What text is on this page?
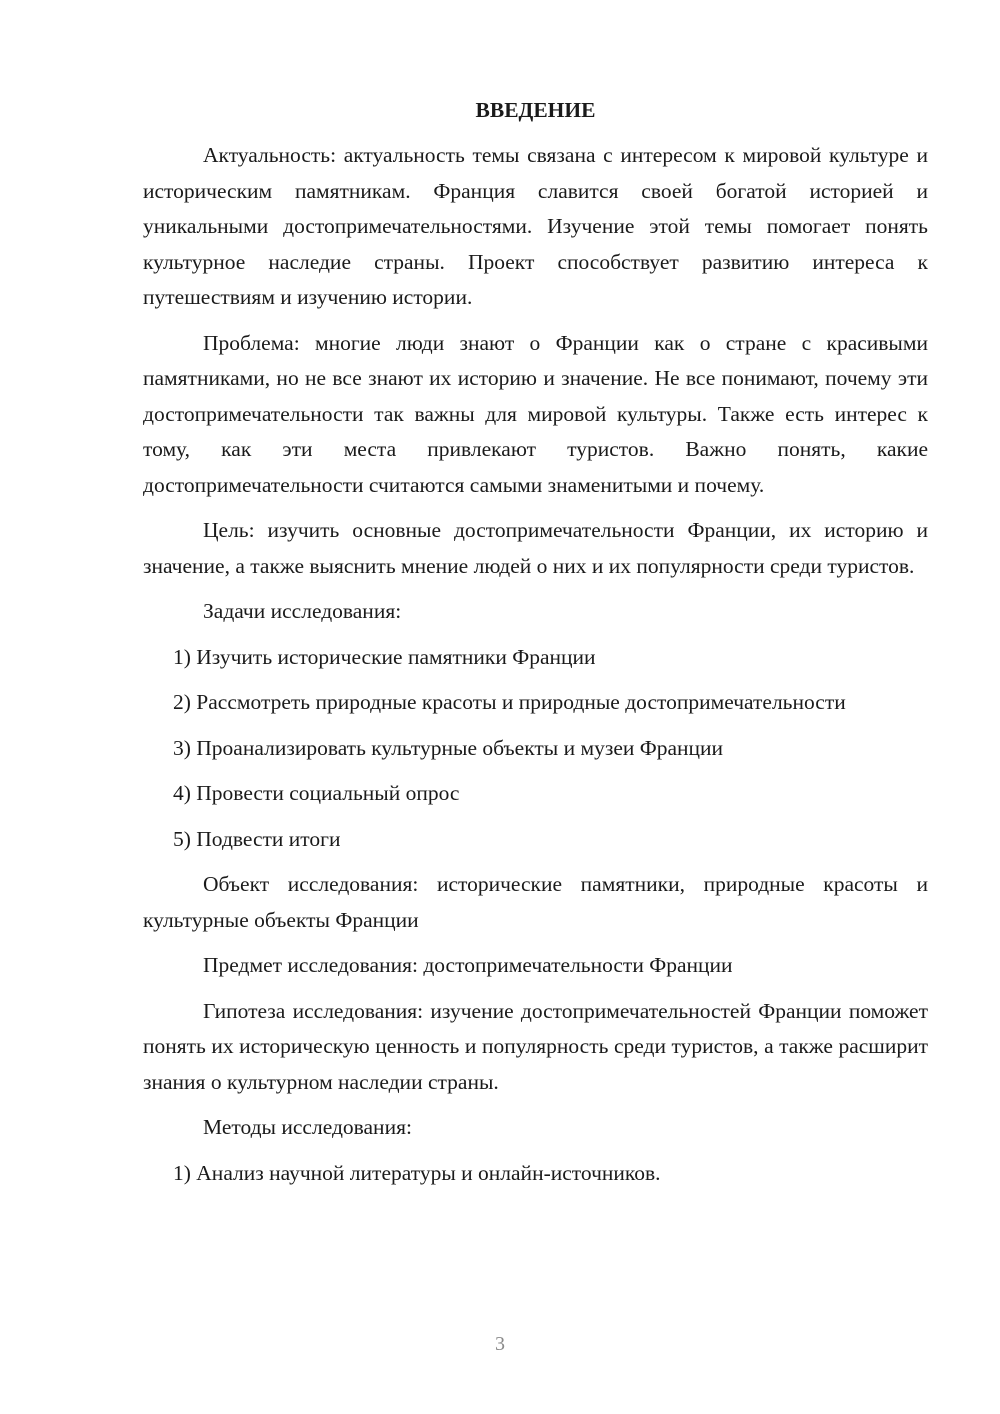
ВВЕДЕНИЕ

Актуальность: актуальность темы связана с интересом к мировой культуре и историческим памятникам. Франция славится своей богатой историей и уникальными достопримечательностями. Изучение этой темы помогает понять культурное наследие страны. Проект способствует развитию интереса к путешествиям и изучению истории.

Проблема: многие люди знают о Франции как о стране с красивыми памятниками, но не все знают их историю и значение. Не все понимают, почему эти достопримечательности так важны для мировой культуры. Также есть интерес к тому, как эти места привлекают туристов. Важно понять, какие достопримечательности считаются самыми знаменитыми и почему.

Цель: изучить основные достопримечательности Франции, их историю и значение, а также выяснить мнение людей о них и их популярности среди туристов.

Задачи исследования:

1) Изучить исторические памятники Франции

2) Рассмотреть природные красоты и природные достопримечательности

3) Проанализировать культурные объекты и музеи Франции

4) Провести социальный опрос

5) Подвести итоги

Объект исследования: исторические памятники, природные красоты и культурные объекты Франции

Предмет исследования: достопримечательности Франции

Гипотеза исследования: изучение достопримечательностей Франции поможет понять их историческую ценность и популярность среди туристов, а также расширит знания о культурном наследии страны.

Методы исследования:

1) Анализ научной литературы и онлайн-источников.

3
